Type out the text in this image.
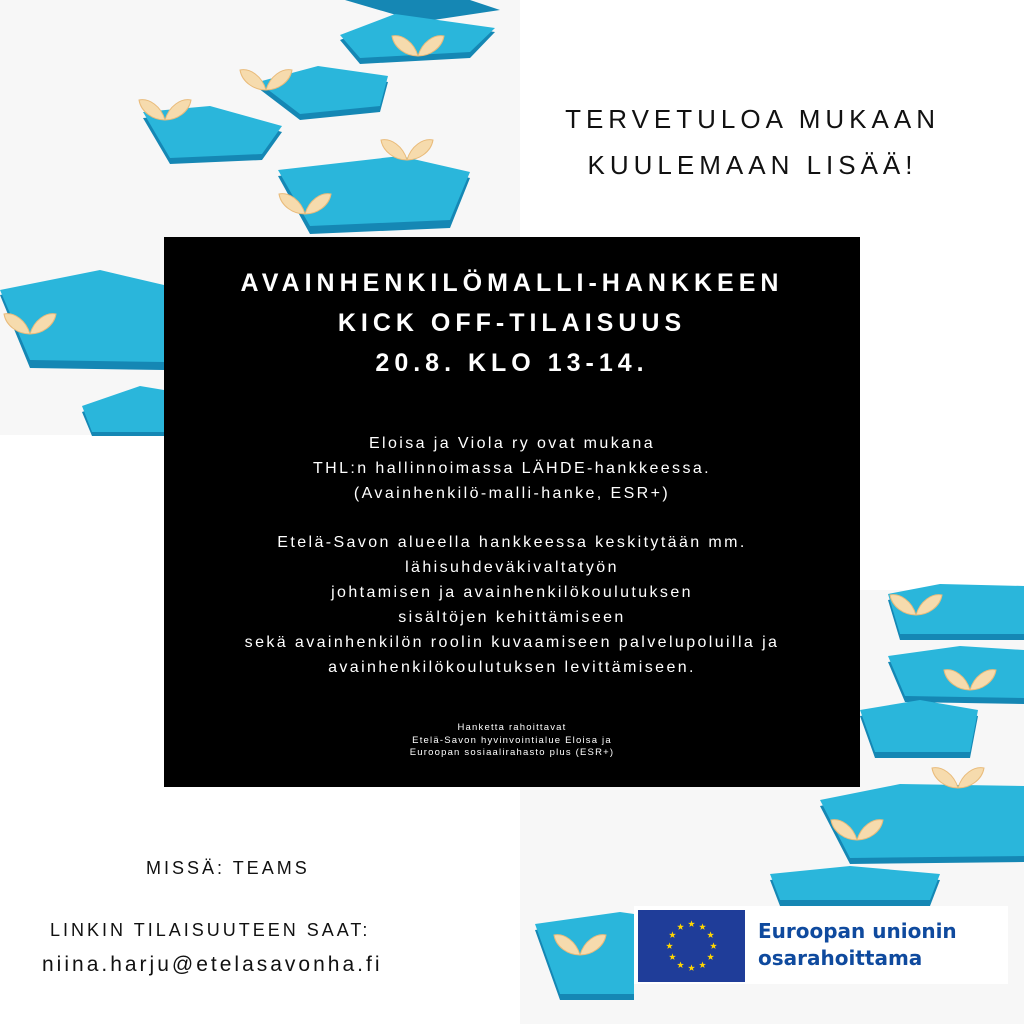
TERVETULOA MUKAAN
KUULEMAAN LISÄÄ!
AVAINHENKILÖMALLI-HANKKEEN
KICK OFF-TILAISUUS
20.8. KLO 13-14.
Eloisa ja Viola ry ovat mukana
THL:n hallinnoimassa LÄHDE-hankkeessa.
(Avainhenkilö-malli-hanke, ESR+)
Etelä-Savon alueella hankkeessa keskitytään mm.
lähisuhdeväkivaltatyön
johtamisen ja avainhenkilökoulutuksen
sisältöjen kehittämiseen
sekä avainhenkilön roolin kuvaamiseen palvelupoluilla ja
avainhenkilökoulutuksen levittämiseen.
Hanketta rahoittavat
Etelä-Savon hyvinvointialue Eloisa ja
Euroopan sosiaalirahasto plus (ESR+)
MISSÄ: TEAMS
LINKIN TILAISUUTEEN SAAT:
niina.harju@etelasavonha.fi
Euroopan unionin
osarahoittama
